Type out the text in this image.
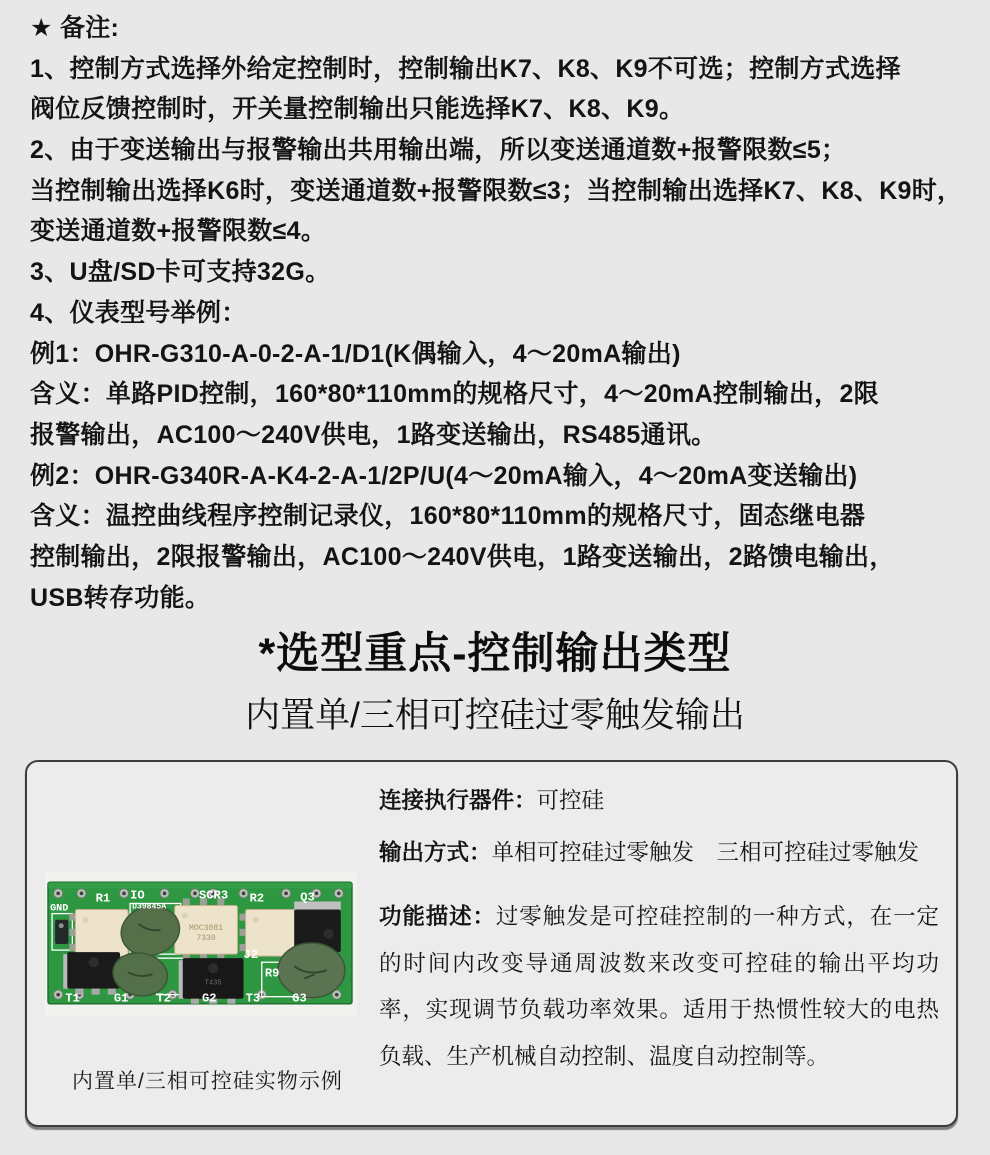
★ 备注:
1、控制方式选择外给定控制时，控制输出K7、K8、K9不可选；控制方式选择
阀位反馈控制时，开关量控制输出只能选择K7、K8、K9。
2、由于变送输出与报警输出共用输出端，所以变送通道数+报警限数≤5；
当控制输出选择K6时，变送通道数+报警限数≤3；当控制输出选择K7、K8、K9时，
变送通道数+报警限数≤4。
3、U盘/SD卡可支持32G。
4、仪表型号举例：
例1：OHR-G310-A-0-2-A-1/D1(K偶输入，4～20mA输出)
含义：单路PID控制，160*80*110mm的规格尺寸，4～20mA控制输出，2限
报警输出，AC100～240V供电，1路变送输出，RS485通讯。
例2：OHR-G340R-A-K4-2-A-1/2P/U(4～20mA输入，4～20mA变送输出)
含义：温控曲线程序控制记录仪，160*80*110mm的规格尺寸，固态继电器
控制输出，2限报警输出，AC100～240V供电，1路变送输出，2路馈电输出，
USB转存功能。
*选型重点-控制输出类型
内置单/三相可控硅过零触发输出
MOC3081
7330
T435
GND
R1 IO
D39845A
SCR3 R2	Q3
J2
R9
T1	G1 T2	G2 T3	G3
内置单/三相可控硅实物示例
连接执行器件：可控硅
输出方式：单相可控硅过零触发　三相可控硅过零触发

功能描述：过零触发是可控硅控制的一种方式，在一定的时间内改变导通周波数来改变可控硅的输出平均功率，实现调节负载功率效果。适用于热惯性较大的电热负载、生产机械自动控制、温度自动控制等。
